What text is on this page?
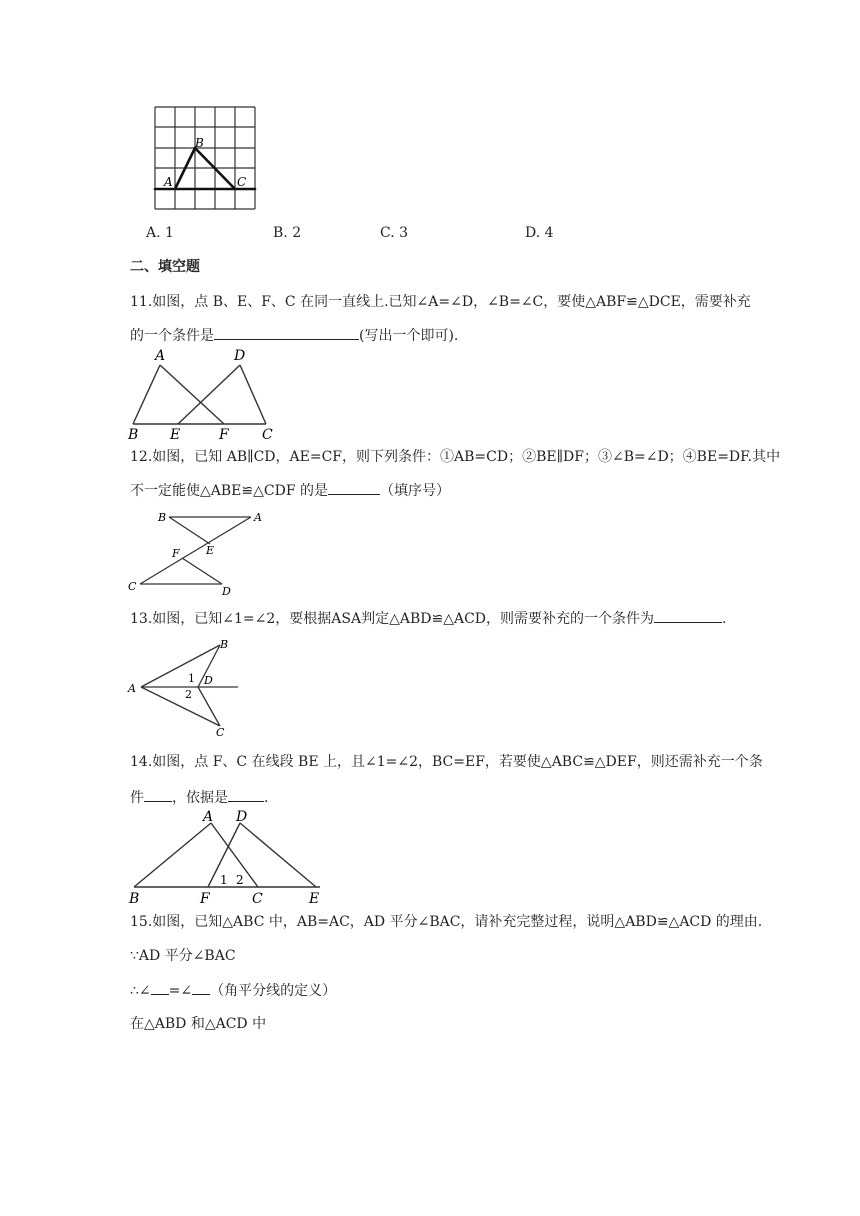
B
A	C
A. 1	B. 2	C. 3	D. 4
二、填空题
11.如图，点 B、E、F、C 在同一直线上.已知∠A=∠D，∠B=∠C，要使△ABF≌△DCE，需要补充
的一个条件是	(写出一个即可).
A	D
B E	F C
12.如图，已知 AB∥CD，AE=CF，则下列条件：①AB=CD；②BE∥DF；③∠B=∠D；④BE=DF.其中
不一定能使△ABE≌△CDF 的是	（填序号）
B	A
F E
C	D
13.如图，已知∠1=∠2，要根据ASA判定△ABD≌△ACD，则需要补充的一个条件为	.
A
B
C
D
1
2
14.如图，点 F、C 在线段 BE 上，且∠1=∠2，BC=EF，若要使△ABC≌△DEF，则还需补充一个条
件 ，依据是	.
A D
B	F	C	E
1 2
15.如图，已知△ABC 中，AB=AC，AD 平分∠BAC，请补充完整过程，说明△ABD≌△ACD 的理由.
∵AD 平分∠BAC
∴∠ =∠ （角平分线的定义）
在△ABD 和△ACD 中
